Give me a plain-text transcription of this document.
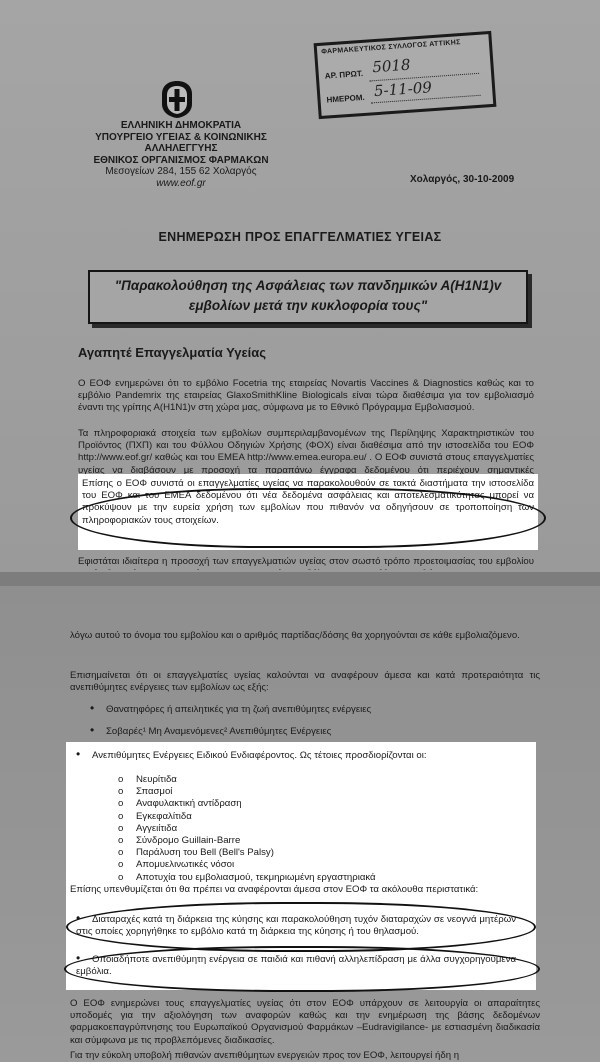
ΕΛΛΗΝΙΚΗ ΔΗΜΟΚΡΑΤΙΑ
ΥΠΟΥΡΓΕΙΟ ΥΓΕΙΑΣ & ΚΟΙΝΩΝΙΚΗΣ
ΑΛΛΗΛΕΓΓΥΗΣ
ΕΘΝΙΚΟΣ ΟΡΓΑΝΙΣΜΟΣ ΦΑΡΜΑΚΩΝ
Μεσογείων 284, 155 62 Χολαργός
www.eof.gr
ΦΑΡΜΑΚΕΥΤΙΚΟΣ ΣΥΛΛΟΓΟΣ ΑΤΤΙΚΗΣ
ΑΡ. ΠΡΩΤ. 5018
ΗΜΕΡΟΜ. 5-11-09
Χολαργός, 30-10-2009
ΕΝΗΜΕΡΩΣΗ ΠΡΟΣ ΕΠΑΓΓΕΛΜΑΤΙΕΣ ΥΓΕΙΑΣ
"Παρακολούθηση της Ασφάλειας των πανδημικών Α(Η1Ν1)v
εμβολίων μετά την κυκλοφορία τους"
Αγαπητέ Επαγγελματία Υγείας
Ο ΕΟΦ ενημερώνει ότι το εμβόλιο Focetria της εταιρείας Novartis Vaccines & Diagnostics καθώς και το εμβόλιο Pandemrix της εταιρείας GlaxoSmithKline Biologicals είναι τώρα διαθέσιμα για τον εμβολιασμό έναντι της γρίπης Α(Η1Ν1)v στη χώρα μας, σύμφωνα με το Εθνικό Πρόγραμμα Εμβολιασμού.
Τα πληροφοριακά στοιχεία των εμβολίων συμπεριλαμβανομένων της Περίληψης Χαρακτηριστικών του Προϊόντος (ΠΧΠ) και του Φύλλου Οδηγιών Χρήσης (ΦΟΧ) είναι διαθέσιμα από την ιστοσελίδα του ΕΟΦ http://www.eof.gr/ καθώς και του ΕΜΕΑ http://www.emea.europa.eu/ . Ο ΕΟΦ συνιστά στους επαγγελματίες υγείας να διαβάσουν με προσοχή τα παραπάνω έγγραφα δεδομένου ότι περιέχουν σημαντικές
Επίσης ο ΕΟΦ συνιστά οι επαγγελματίες υγείας να παρακολουθούν σε τακτά διαστήματα την ιστοσελίδα του ΕΟΦ και του ΕΜΕΑ δεδομένου ότι νέα δεδομένα ασφάλειας και αποτελεσματικότητας μπορεί να προκύψουν με την ευρεία χρήση των εμβολίων που πιθανόν να οδηγήσουν σε τροποποίηση των πληροφοριακών τους στοιχείων.
Εφιστάται ιδιαίτερα η προσοχή των επαγγελματιών υγείας στον σωστό τρόπο προετοιμασίας του εμβολίου
λόγω αυτού το όνομα του εμβολίου και ο αριθμός παρτίδας/δόσης θα χορηγούνται σε κάθε εμβολιαζόμενο.
Επισημαίνεται ότι οι επαγγελματίες υγείας καλούνται να αναφέρουν άμεσα και κατά προτεραιότητα τις ανεπιθύμητες ενέργειες των εμβολίων ως εξής:
• Θανατηφόρες ή απειλητικές για τη ζωή ανεπιθύμητες ενέργειες
• Σοβαρές¹ Μη Αναμενόμενες² Ανεπιθύμητες Ενέργειες
• Ανεπιθύμητες Ενέργειες Ειδικού Ενδιαφέροντος. Ως τέτοιες προσδιορίζονται οι:
o Νευρίτιδα
o Σπασμοί
o Αναφυλακτική αντίδραση
o Εγκεφαλίτιδα
o Αγγειίτιδα
o Σύνδρομο Guillain-Barre
o Παράλυση του Bell (Bell's Palsy)
o Απομυελινωτικές νόσοι
o Αποτυχία του εμβολιασμού, τεκμηριωμένη εργαστηριακά
Επίσης υπενθυμίζεται ότι θα πρέπει να αναφέρονται άμεσα στον ΕΟΦ τα ακόλουθα περιστατικά:
• Διαταραχές κατά τη διάρκεια της κύησης και παρακολούθηση τυχόν διαταραχών σε νεογνά μητέρων στις οποίες χορηγήθηκε το εμβόλιο κατά τη διάρκεια της κύησης ή του θηλασμού.
• Οποιαδήποτε ανεπιθύμητη ενέργεια σε παιδιά και πιθανή αλληλεπίδραση με άλλα συγχορηγούμενα εμβόλια.
Ο ΕΟΦ ενημερώνει τους επαγγελματίες υγείας ότι στον ΕΟΦ υπάρχουν σε λειτουργία οι απαραίτητες υποδομές για την αξιολόγηση των αναφορών καθώς και την ενημέρωση της βάσης δεδομένων φαρμακοεπαγρύπνησης του Ευρωπαϊκού Οργανισμού Φαρμάκων –Eudravigilance- με εστιασμένη διαδικασία και σύμφωνα με τις προβλεπόμενες διαδικασίες.
Για την εύκολη υποβολή πιθανών ανεπιθύμητων ενεργειών προς τον ΕΟΦ, λειτουργεί ήδη η
